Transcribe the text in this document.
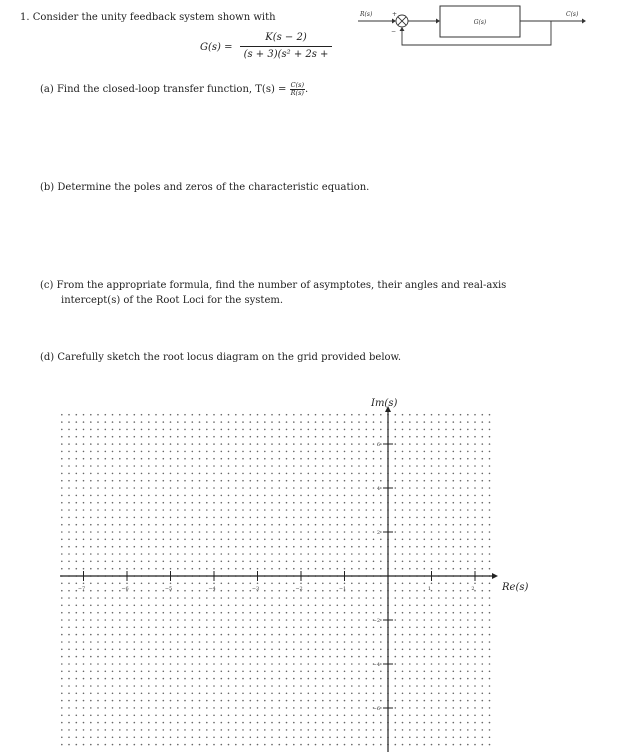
1. Consider the unity feedback system shown with
$G(s) = \frac{K(s - 2)}{\text{(s + 3)(s² + 2s +}}$
R(s)	+
−
G(s)
C(s)
(a) Find the closed-loop transfer function, $T(s) = \frac{C(s)}{R(s)}$ .
(b) Determine the poles and zeros of the characteristic equation.
(c) From the appropriate formula, find the number of asymptotes, their angles and real-axis
intercept(s) of the Root Loci for the system.
(d) Carefully sketch the root locus diagram on the grid provided below.
Im(s)
Re(s)
−7	−6	−5	−4	−3	−2	−1	1	2
6
4
2
−2
−4
−6
